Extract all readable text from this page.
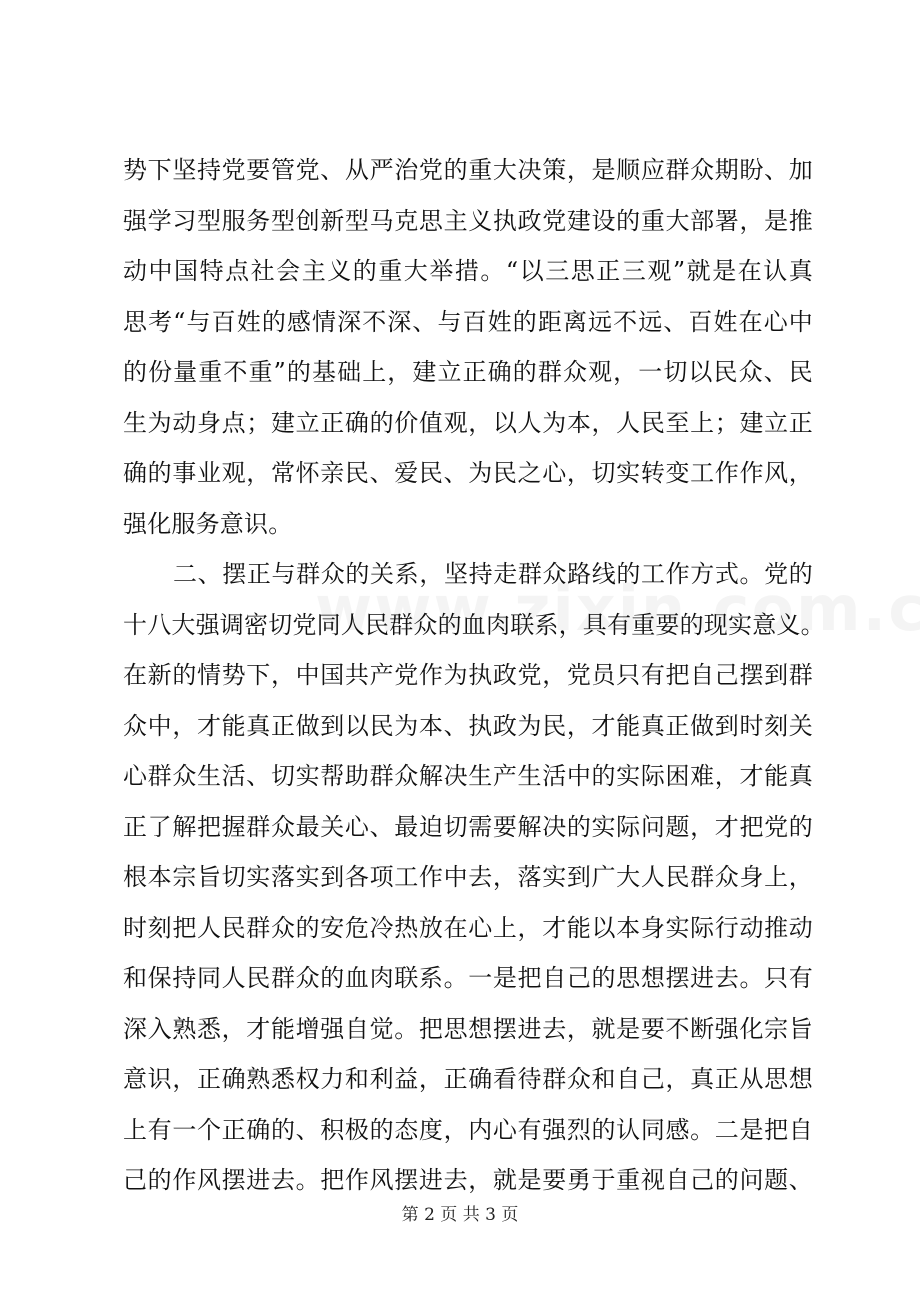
势下坚持党要管党、从严治党的重大决策，是顺应群众期盼、加
强学习型服务型创新型马克思主义执政党建设的重大部署，是推
动中国特点社会主义的重大举措。“以三思正三观”就是在认真
思考“与百姓的感情深不深、与百姓的距离远不远、百姓在心中
的份量重不重”的基础上，建立正确的群众观，一切以民众、民
生为动身点；建立正确的价值观，以人为本，人民至上；建立正
确的事业观，常怀亲民、爱民、为民之心，切实转变工作作风，
强化服务意识。
二、摆正与群众的关系，坚持走群众路线的工作方式。党的
十八大强调密切党同人民群众的血肉联系，具有重要的现实意义。
在新的情势下，中国共产党作为执政党，党员只有把自己摆到群
众中，才能真正做到以民为本、执政为民，才能真正做到时刻关
心群众生活、切实帮助群众解决生产生活中的实际困难，才能真
正了解把握群众最关心、最迫切需要解决的实际问题，才把党的
根本宗旨切实落实到各项工作中去，落实到广大人民群众身上，
时刻把人民群众的安危冷热放在心上，才能以本身实际行动推动
和保持同人民群众的血肉联系。一是把自己的思想摆进去。只有
深入熟悉，才能增强自觉。把思想摆进去，就是要不断强化宗旨
意识，正确熟悉权力和利益，正确看待群众和自己，真正从思想
上有一个正确的、积极的态度，内心有强烈的认同感。二是把自
己的作风摆进去。把作风摆进去，就是要勇于重视自己的问题、
第 2 页 共 3 页
